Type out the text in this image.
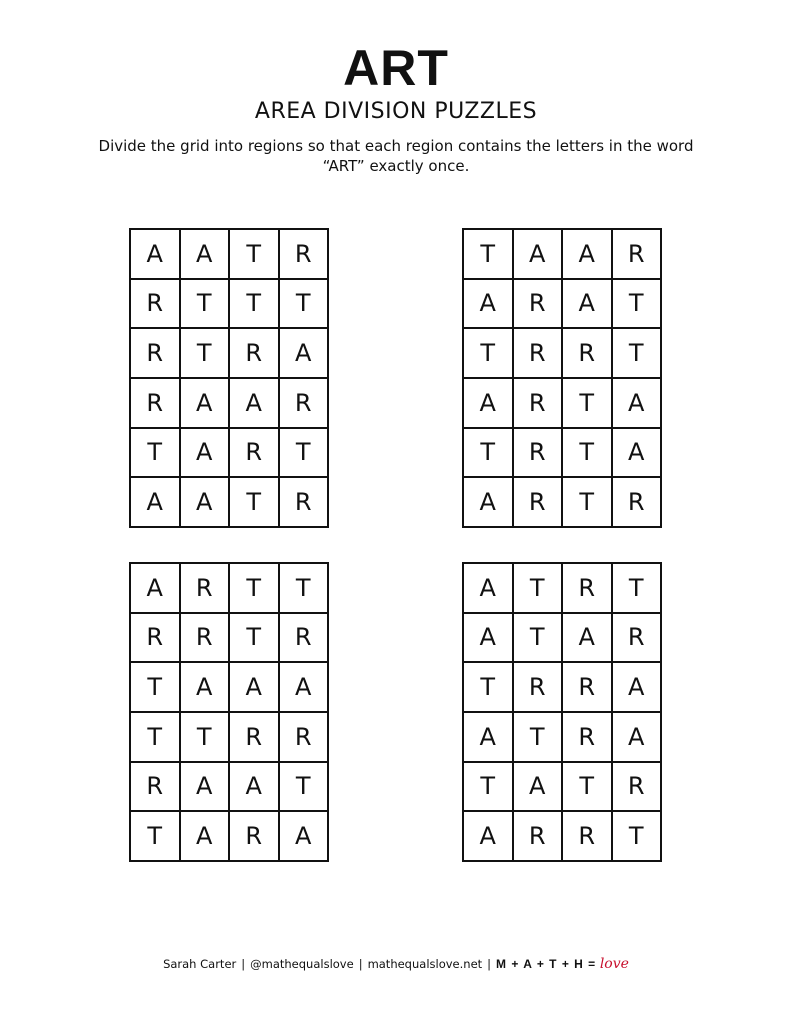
ART
AREA DIVISION PUZZLES
Divide the grid into regions so that each region contains the letters in the word “ART” exactly once.
A	A	T	R
R	T	T	T
R	T	R	A
R	A	A	R
T	A	R	T
A	A	T	R
T	A	A	R
A	R	A	T
T	R	R	T
A	R	T	A
T	R	T	A
A	R	T	R
A	R	T	T
R	R	T	R
T	A	A	A
T	T	R	R
R	A	A	T
T	A	R	A
A	T	R	T
A	T	A	R
T	R	R	A
A	T	R	A
T	A	T	R
A	R	R	T
Sarah Carter | @mathequalslove | mathequalslove.net | M + A + T + H = love
